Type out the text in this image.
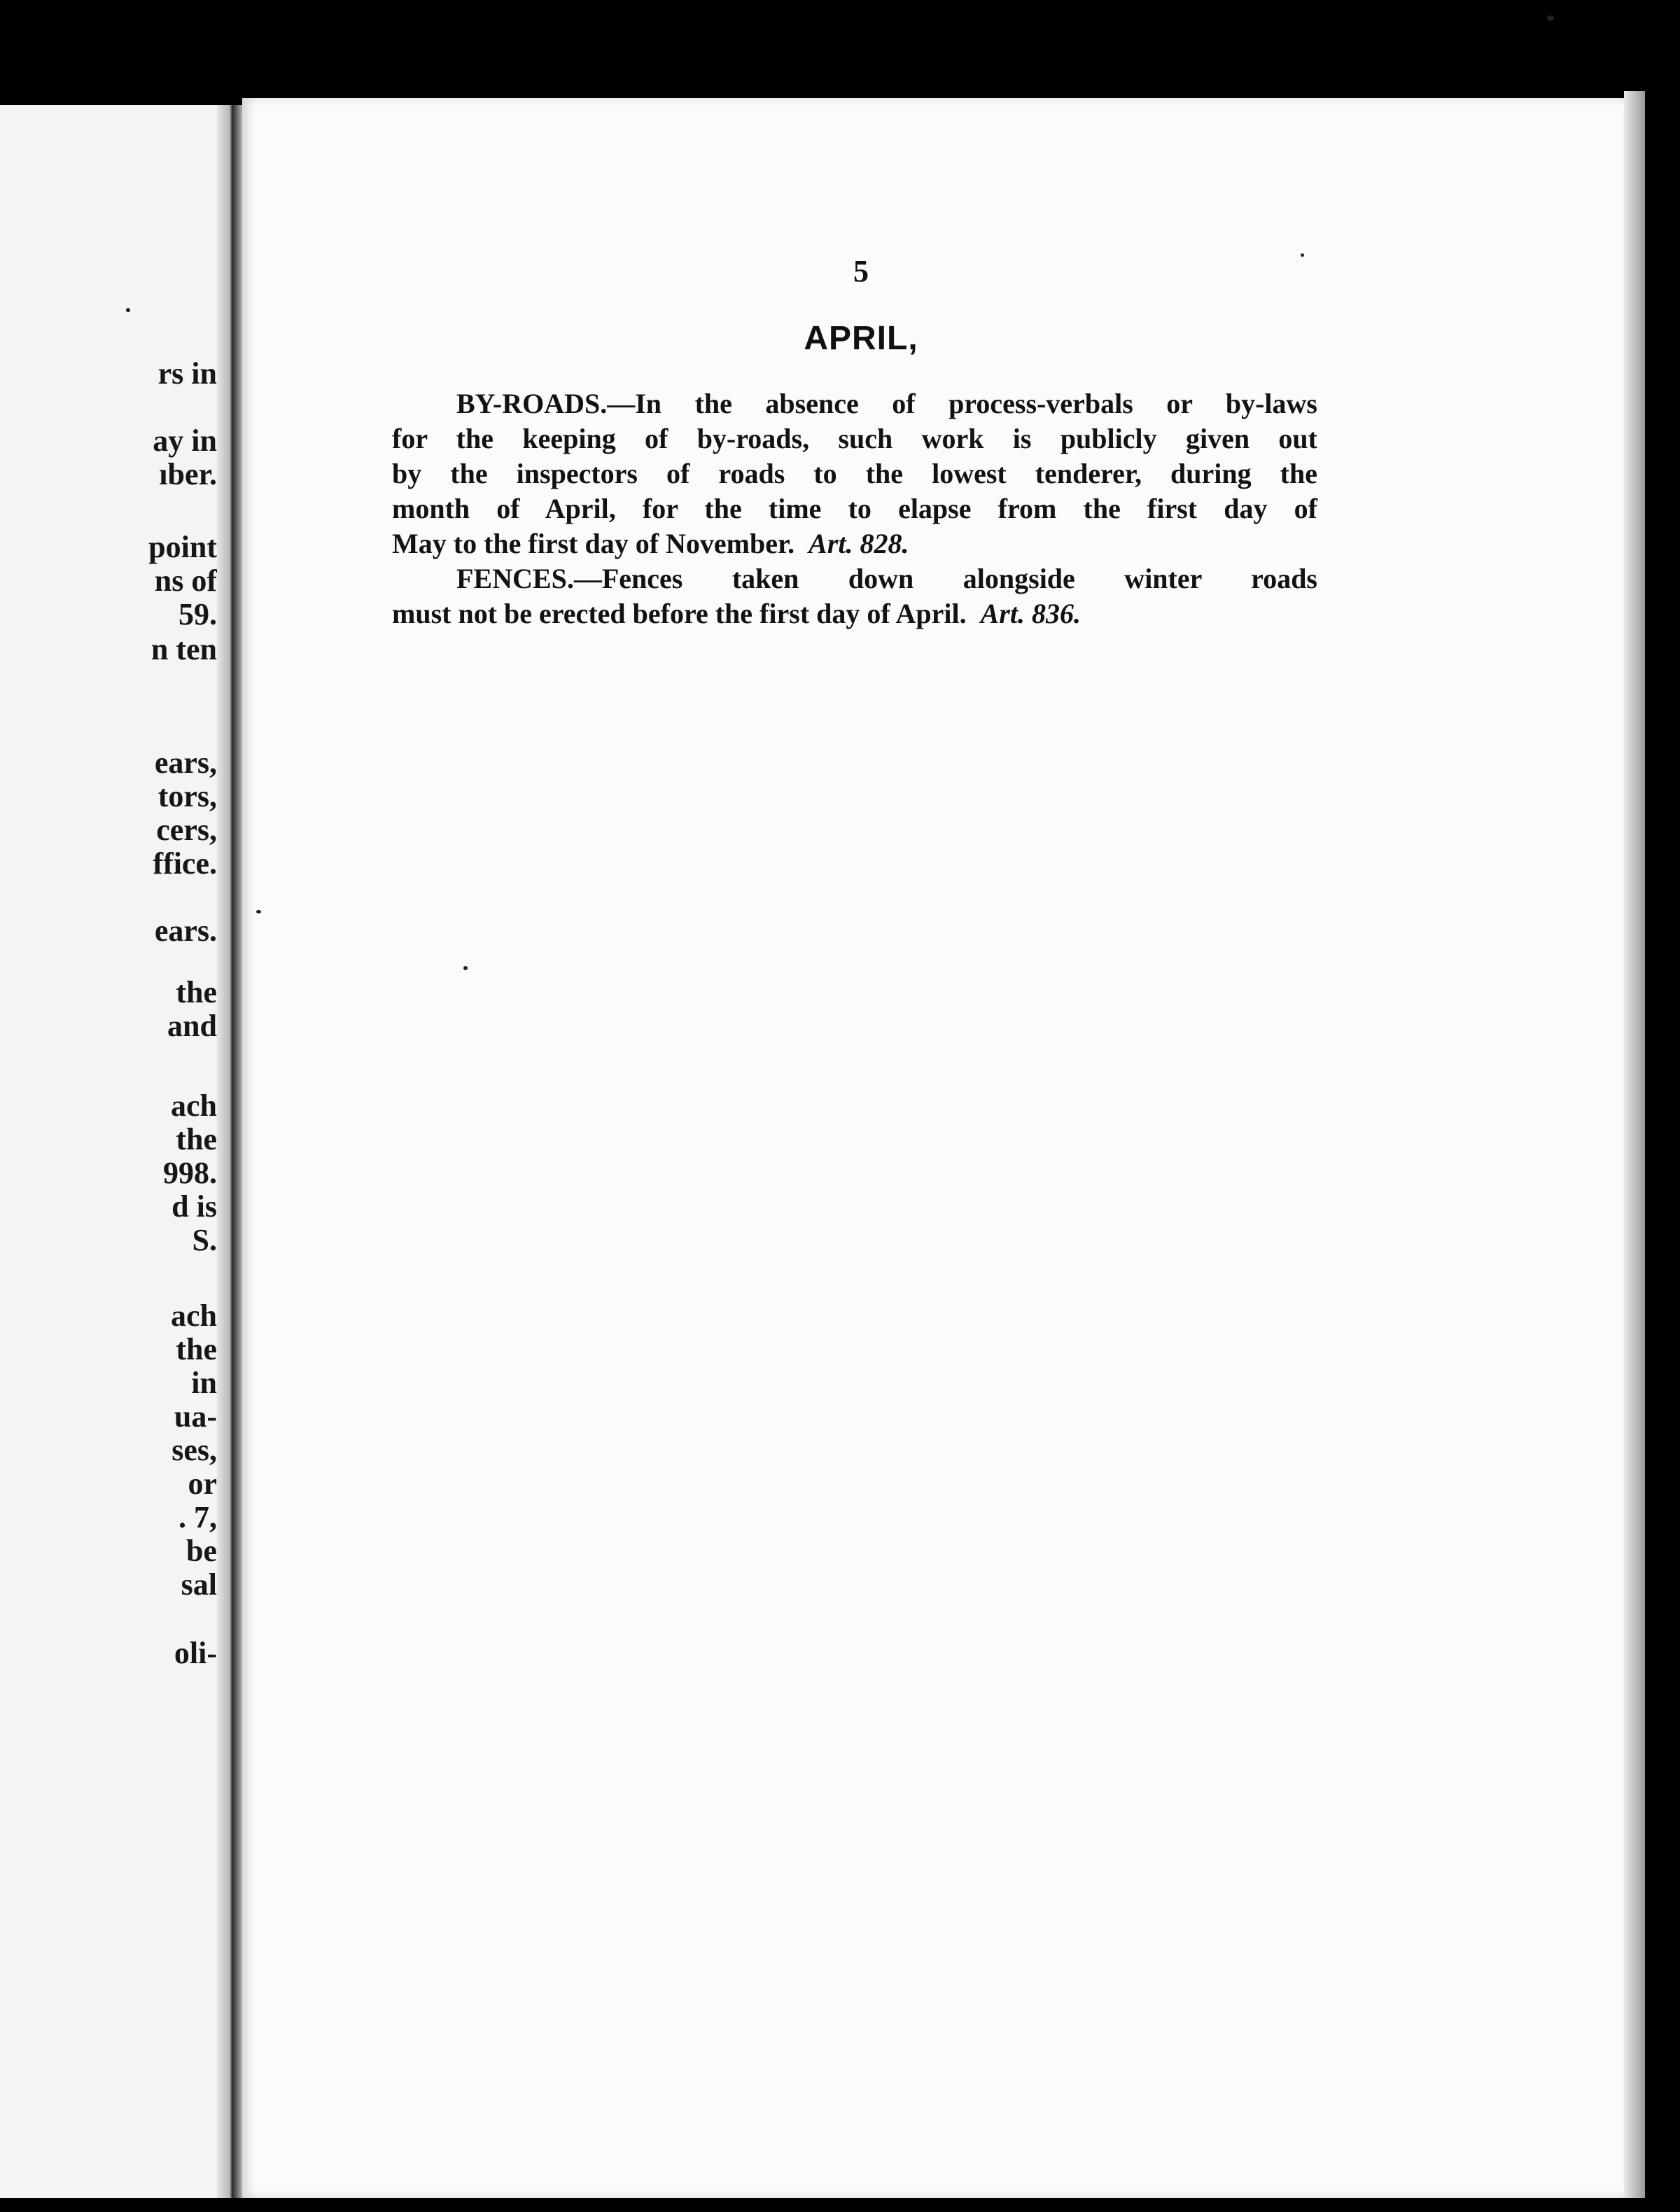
rs in
ay in
ıber.
point
ns of
59.
n ten
ears,
tors,
cers,
ffice.
ears.
the
and
ach
the
998.
d is
S.
ach
the
in
ua-
ses,
or
. 7,
be
sal
oli-
5
APRIL,

BY-ROADS.—In the absence of process-verbals or by-laws
for the keeping of by-roads, such work is publicly given out
by the inspectors of roads to the lowest tenderer, during the
month of April, for the time to elapse from the first day of
May to the first day of November. Art. 828.

FENCES.—Fences taken down alongside winter roads
must not be erected before the first day of April. Art. 836.
